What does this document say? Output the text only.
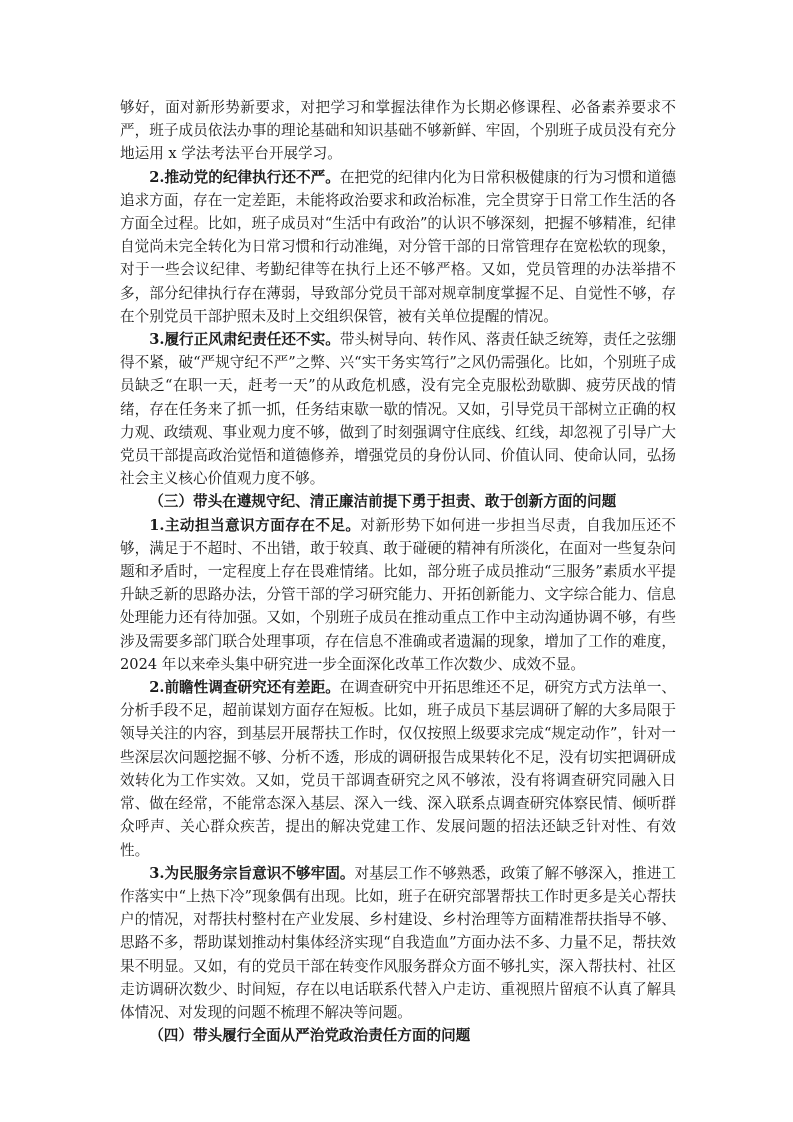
够好，面对新形势新要求，对把学习和掌握法律作为长期必修课程、必备素养要求不严，班子成员依法办事的理论基础和知识基础不够新鲜、牢固，个别班子成员没有充分地运用 x 学法考法平台开展学习。

2.推动党的纪律执行还不严。在把党的纪律内化为日常积极健康的行为习惯和道德追求方面，存在一定差距，未能将政治要求和政治标准，完全贯穿于日常工作生活的各方面全过程。比如，班子成员对“生活中有政治”的认识不够深刻，把握不够精准，纪律自觉尚未完全转化为日常习惯和行动准绳，对分管干部的日常管理存在宽松软的现象，对于一些会议纪律、考勤纪律等在执行上还不够严格。又如，党员管理的办法举措不多，部分纪律执行存在薄弱，导致部分党员干部对规章制度掌握不足、自觉性不够，存在个别党员干部护照未及时上交组织保管，被有关单位提醒的情况。

3.履行正风肃纪责任还不实。带头树导向、转作风、落责任缺乏统筹，责任之弦绷得不紧，破“严规守纪不严”之弊、兴“实干务实笃行”之风仍需强化。比如，个别班子成员缺乏“在职一天，赶考一天”的从政危机感，没有完全克服松劲歇脚、疲劳厌战的情绪，存在任务来了抓一抓，任务结束歇一歇的情况。又如，引导党员干部树立正确的权力观、政绩观、事业观力度不够，做到了时刻强调守住底线、红线，却忽视了引导广大党员干部提高政治觉悟和道德修养，增强党员的身份认同、价值认同、使命认同，弘扬社会主义核心价值观力度不够。

（三）带头在遵规守纪、清正廉洁前提下勇于担责、敢于创新方面的问题

1.主动担当意识方面存在不足。对新形势下如何进一步担当尽责，自我加压还不够，满足于不超时、不出错，敢于较真、敢于碰硬的精神有所淡化，在面对一些复杂问题和矛盾时，一定程度上存在畏难情绪。比如，部分班子成员推动“三服务”素质水平提升缺乏新的思路办法，分管干部的学习研究能力、开拓创新能力、文字综合能力、信息处理能力还有待加强。又如，个别班子成员在推动重点工作中主动沟通协调不够，有些涉及需要多部门联合处理事项，存在信息不准确或者遗漏的现象，增加了工作的难度，2024 年以来牵头集中研究进一步全面深化改革工作次数少、成效不显。

2.前瞻性调查研究还有差距。在调查研究中开拓思维还不足，研究方式方法单一、分析手段不足，超前谋划方面存在短板。比如，班子成员下基层调研了解的大多局限于领导关注的内容，到基层开展帮扶工作时，仅仅按照上级要求完成“规定动作”，针对一些深层次问题挖掘不够、分析不透，形成的调研报告成果转化不足，没有切实把调研成效转化为工作实效。又如，党员干部调查研究之风不够浓，没有将调查研究同融入日常、做在经常，不能常态深入基层、深入一线、深入联系点调查研究体察民情、倾听群众呼声、关心群众疾苦，提出的解决党建工作、发展问题的招法还缺乏针对性、有效性。

3.为民服务宗旨意识不够牢固。对基层工作不够熟悉，政策了解不够深入，推进工作落实中“上热下冷”现象偶有出现。比如，班子在研究部署帮扶工作时更多是关心帮扶户的情况，对帮扶村整村在产业发展、乡村建设、乡村治理等方面精准帮扶指导不够、思路不多，帮助谋划推动村集体经济实现“自我造血”方面办法不多、力量不足，帮扶效果不明显。又如，有的党员干部在转变作风服务群众方面不够扎实，深入帮扶村、社区走访调研次数少、时间短，存在以电话联系代替入户走访、重视照片留痕不认真了解具体情况、对发现的问题不梳理不解决等问题。

（四）带头履行全面从严治党政治责任方面的问题
